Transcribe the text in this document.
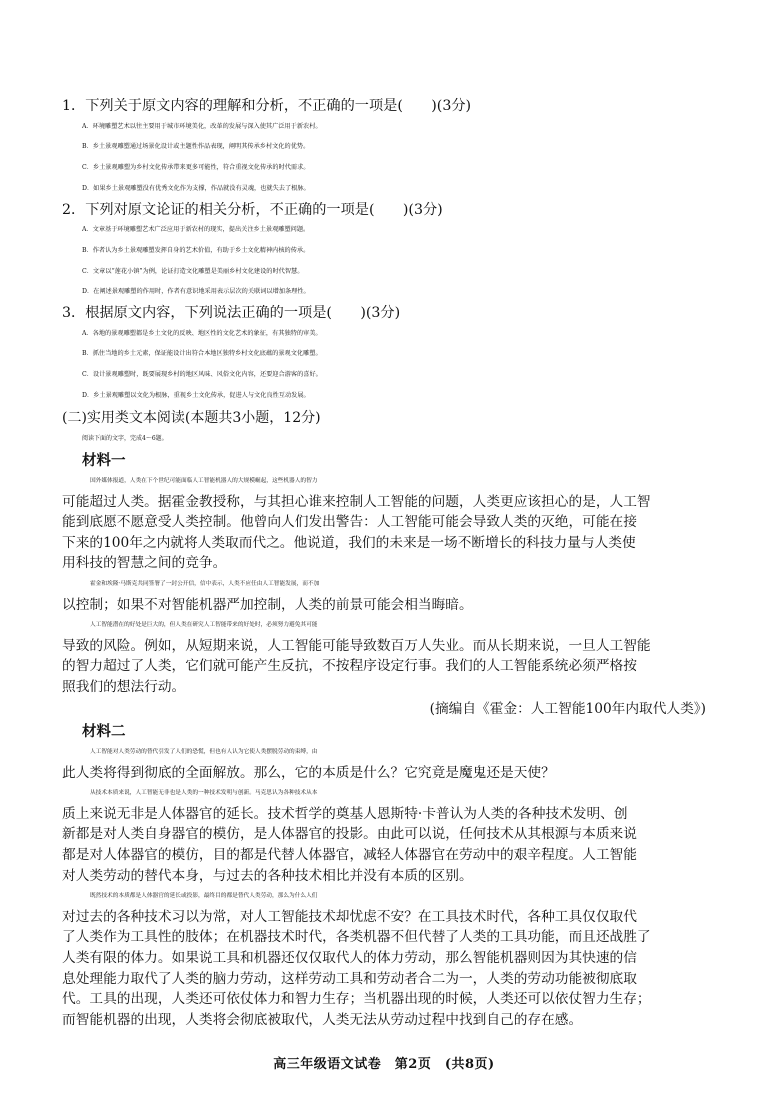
1．下列关于原文内容的理解和分析，不正确的一项是(　　)(3分)
A．环境雕塑艺术以往主要用于城市环境美化，改革的发展与深入使其广泛用于新农村。
B．乡土景观雕塑通过场景化设计或主题性作品表现，阐明其传承乡村文化的优势。
C．乡土景观雕塑为乡村文化传承带来更多可能性，符合重视文化传承的时代需求。
D．如果乡土景观雕塑没有优秀文化作为支撑，作品就没有灵魂，也就失去了根脉。
2．下列对原文论证的相关分析，不正确的一项是(　　)(3分)
A．文章基于环境雕塑艺术广泛应用于新农村的现实，提出关注乡土景观雕塑问题。
B．作者认为乡土景观雕塑发挥自身的艺术价值，有助于乡土文化精神内核的传承。
C．文章以“莲花小镇”为例，论证打造文化雕塑是美丽乡村文化建设的时代智慧。
D．在阐述景观雕塑的作用时，作者有意识地采用表示层次的关联词以增加条理性。
3．根据原文内容，下列说法正确的一项是(　　)(3分)
A．各地的景观雕塑都是乡土文化的反映、地区性的文化艺术的象征，有其独特的审美。
B．抓住当地的乡土元素，保证能设计出符合本地区独特乡村文化底蕴的景观文化雕塑。
C．设计景观雕塑时，既要展现乡村的地区风味、风俗文化内容，还要迎合游客的喜好。
D．乡土景观雕塑以文化为根脉，重视乡土文化传承，促进人与文化良性互动发展。
(二)实用类文本阅读(本题共3小题，12分)
阅读下面的文字，完成4～6题。
材料一
国外媒体报道，人类在下个世纪可能面临人工智能机器人的大规模崛起，这些机器人的智力
可能超过人类。据霍金教授称，与其担心谁来控制人工智能的问题，人类更应该担心的是，人工智
能到底愿不愿意受人类控制。他曾向人们发出警告：人工智能可能会导致人类的灭绝，可能在接
下来的100年之内就将人类取而代之。他说道，我们的未来是一场不断增长的科技力量与人类使
用科技的智慧之间的竞争。
霍金和埃隆·马斯克共同签署了一封公开信，信中表示，人类不应任由人工智能发展，而不加
以控制；如果不对智能机器严加控制，人类的前景可能会相当晦暗。
人工智能潜在的好处是巨大的，但人类在研究人工智能带来的好处时，必须努力避免其可能
导致的风险。例如，从短期来说，人工智能可能导致数百万人失业。而从长期来说，一旦人工智能
的智力超过了人类，它们就可能产生反抗，不按程序设定行事。我们的人工智能系统必须严格按
照我们的想法行动。
(摘编自《霍金：人工智能100年内取代人类》)
材料二
人工智能对人类劳动的替代引发了人们的恐慌，但也有人认为它使人类摆脱劳动的束缚，由
此人类将得到彻底的全面解放。那么，它的本质是什么？它究竟是魔鬼还是天使？
从技术本质来说，人工智能无非也是人类的一种技术发明与创新。马克思认为各种技术从本
质上来说无非是人体器官的延长。技术哲学的奠基人恩斯特·卡普认为人类的各种技术发明、创
新都是对人类自身器官的模仿，是人体器官的投影。由此可以说，任何技术从其根源与本质来说
都是对人体器官的模仿，目的都是代替人体器官，减轻人体器官在劳动中的艰辛程度。人工智能
对人类劳动的替代本身，与过去的各种技术相比并没有本质的区别。
既然技术的本质都是人体器官的延长或投影，最终目的都是替代人类劳动，那么为什么人们
对过去的各种技术习以为常，对人工智能技术却忧虑不安？在工具技术时代，各种工具仅仅取代
了人类作为工具性的肢体；在机器技术时代，各类机器不但代替了人类的工具功能，而且还战胜了
人类有限的体力。如果说工具和机器还仅仅取代人的体力劳动，那么智能机器则因为其快速的信
息处理能力取代了人类的脑力劳动，这样劳动工具和劳动者合二为一，人类的劳动功能被彻底取
代。工具的出现，人类还可依仗体力和智力生存；当机器出现的时候，人类还可以依仗智力生存；
而智能机器的出现，人类将会彻底被取代，人类无法从劳动过程中找到自己的存在感。
高三年级语文试卷　第2页　(共8页)
